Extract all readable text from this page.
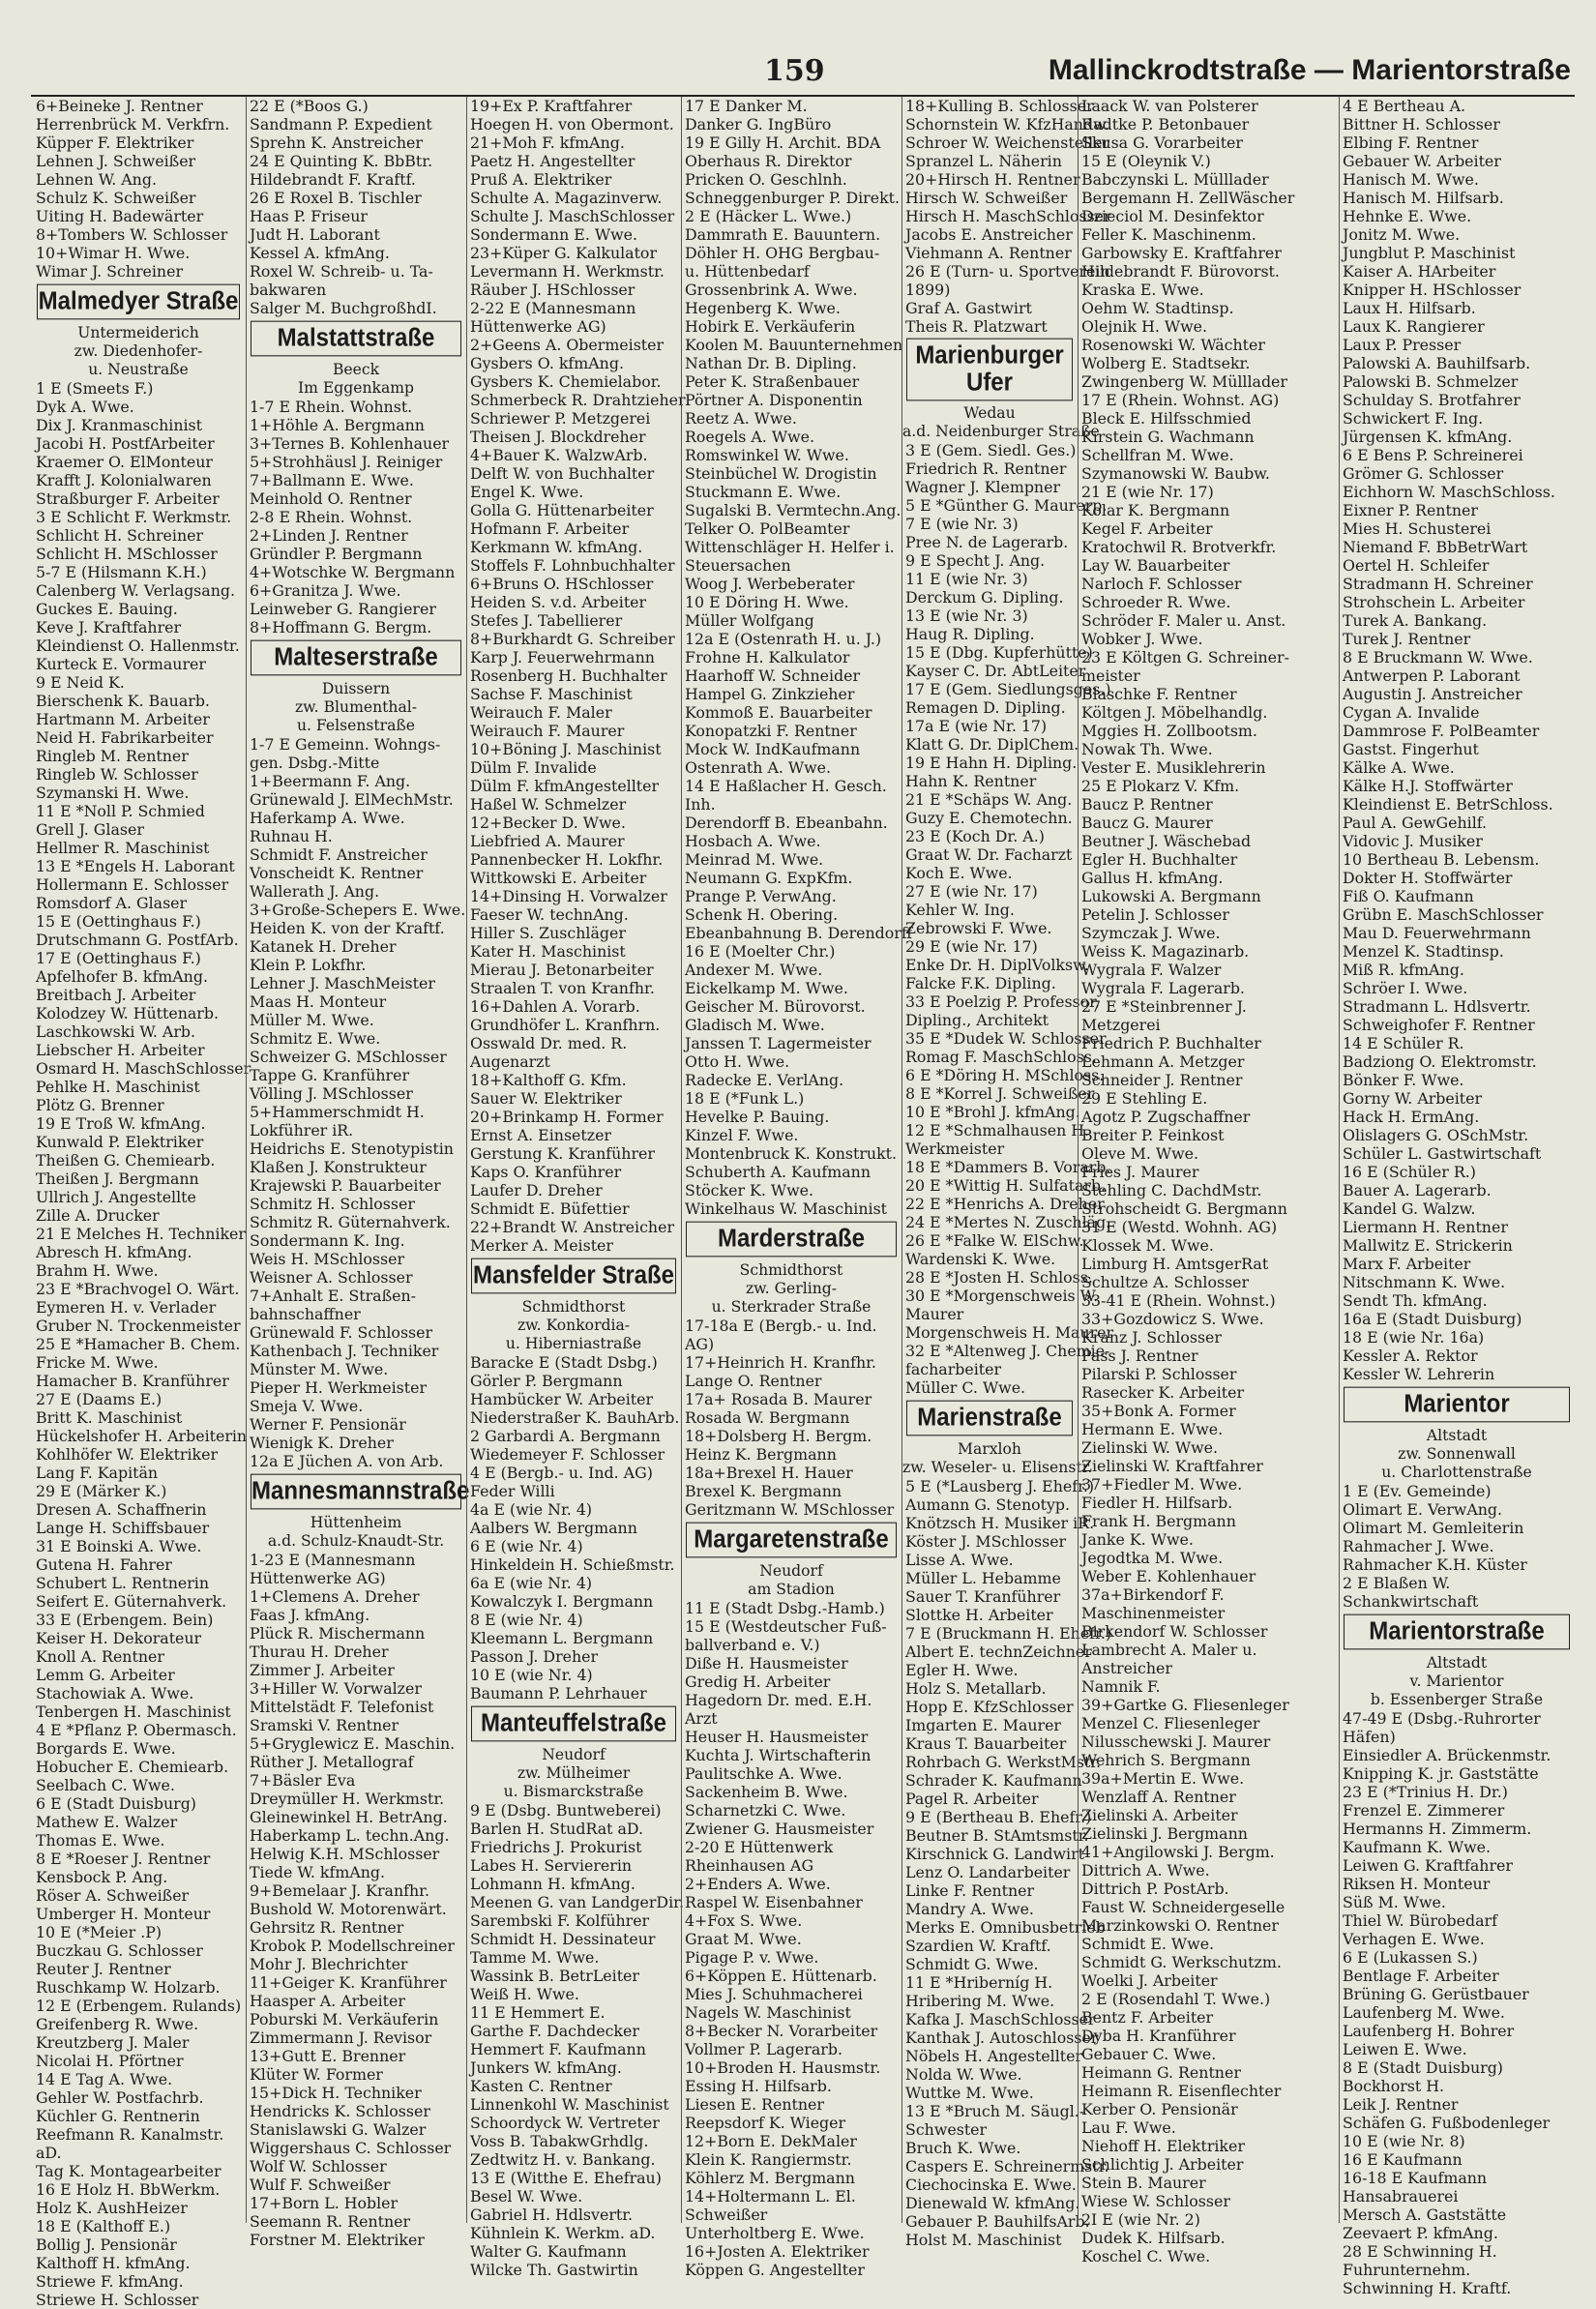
159	Mallinckrodtstraße — Marientorstraße
6+Beineke J. Rentner
Herrenbrück M. Verkfrn.
Küpper F. Elektriker
Lehnen J. Schweißer
Lehnen W. Ang.
Schulz K. Schweißer
Uiting H. Badewärter
8+Tombers W. Schlosser
10+Wimar H. Wwe.
Wimar J. Schreiner
Malmedyer Straße
Untermeiderich
zw. Diedenhofer-
u. Neustraße
1 E (Smeets F.)
Dyk A. Wwe.
Dix J. Kranmaschinist
Jacobi H. PostfArbeiter
Kraemer O. ElMonteur
Krafft J. Kolonialwaren
Straßburger F. Arbeiter
3 E Schlicht F. Werkmstr.
Schlicht H. Schreiner
Schlicht H. MSchlosser
5-7 E (Hilsmann K.H.)
Calenberg W. Verlagsang.
Guckes E. Bauing.
Keve J. Kraftfahrer
Kleindienst O. Hallenmstr.
Kurteck E. Vormaurer
9 E Neid K.
Bierschenk K. Bauarb.
Hartmann M. Arbeiter
Neid H. Fabrikarbeiter
Ringleb M. Rentner
Ringleb W. Schlosser
Szymanski H. Wwe.
11 E *Noll P. Schmied
Grell J. Glaser
Hellmer R. Maschinist
13 E *Engels H. Laborant
Hollermann E. Schlosser
Romsdorf A. Glaser
15 E (Oettinghaus F.)
Drutschmann G. PostfArb.
17 E (Oettinghaus F.)
Apfelhofer B. kfmAng.
Breitbach J. Arbeiter
Kolodzey W. Hüttenarb.
Laschkowski W. Arb.
Liebscher H. Arbeiter
Osmard H. MaschSchlosser
Pehlke H. Maschinist
Plötz G. Brenner
19 E Troß W. kfmAng.
Kunwald P. Elektriker
Theißen G. Chemiearb.
Theißen J. Bergmann
Ullrich J. Angestellte
Zille A. Drucker
21 E Melches H. Techniker
Abresch H. kfmAng.
Brahm H. Wwe.
23 E *Brachvogel O. Wärt.
Eymeren H. v. Verlader
Gruber N. Trockenmeister
25 E *Hamacher B. Chem.
Fricke M. Wwe.
Hamacher B. Kranführer
27 E (Daams E.)
Britt K. Maschinist
Hückelshofer H. Arbeiterin
Kohlhöfer W. Elektriker
Lang F. Kapitän
29 E (Märker K.)
Dresen A. Schaffnerin
Lange H. Schiffsbauer
31 E Boinski A. Wwe.
Gutena H. Fahrer
Schubert L. Rentnerin
Seifert E. Güternahverk.
33 E (Erbengem. Bein)
Keiser H. Dekorateur
Knoll A. Rentner
Lemm G. Arbeiter
Stachowiak A. Wwe.
Tenbergen H. Maschinist
4 E *Pflanz P. Obermasch.
Borgards E. Wwe.
Hobucher E. Chemiearb.
Seelbach C. Wwe.
6 E (Stadt Duisburg)
Mathew E. Walzer
Thomas E. Wwe.
8 E *Roeser J. Rentner
Kensbock P. Ang.
Röser A. Schweißer
Umberger H. Monteur
10 E (*Meier .P)
Buczkau G. Schlosser
Reuter J. Rentner
Ruschkamp W. Holzarb.
12 E (Erbengem. Rulands)
Greifenberg R. Wwe.
Kreutzberg J. Maler
Nicolai H. Pförtner
14 E Tag A. Wwe.
Gehler W. Postfachrb.
Küchler G. Rentnerin
Reefmann R. Kanalmstr.
aD.
Tag K. Montagearbeiter
16 E Holz H. BbWerkm.
Holz K. AushHeizer
18 E (Kalthoff E.)
Bollig J. Pensionär
Kalthoff H. kfmAng.
Striewe F. kfmAng.
Striewe H. Schlosser
22 E (*Boos G.)
Sandmann P. Expedient
Sprehn K. Anstreicher
24 E Quinting K. BbBtr.
Hildebrandt F. Kraftf.
26 E Roxel B. Tischler
Haas P. Friseur
Judt H. Laborant
Kessel A. kfmAng.
Roxel W. Schreib- u. Ta-
bakwaren
Salger M. BuchgroßhdI.
Malstattstraße
Beeck
Im Eggenkamp
1-7 E Rhein. Wohnst.
1+Höhle A. Bergmann
3+Ternes B. Kohlenhauer
5+Strohhäusl J. Reiniger
7+Ballmann E. Wwe.
Meinhold O. Rentner
2-8 E Rhein. Wohnst.
2+Linden J. Rentner
Gründler P. Bergmann
4+Wotschke W. Bergmann
6+Granitza J. Wwe.
Leinweber G. Rangierer
8+Hoffmann G. Bergm.
Malteserstraße
Duissern
zw. Blumenthal-
u. Felsenstraße
1-7 E Gemeinn. Wohngs-
gen. Dsbg.-Mitte
1+Beermann F. Ang.
Grünewald J. ElMechMstr.
Haferkamp A. Wwe.
Ruhnau H.
Schmidt F. Anstreicher
Vonscheidt K. Rentner
Wallerath J. Ang.
3+Große-Schepers E. Wwe.
Heiden K. von der Kraftf.
Katanek H. Dreher
Klein P. Lokfhr.
Lehner J. MaschMeister
Maas H. Monteur
Müller M. Wwe.
Schmitz E. Wwe.
Schweizer G. MSchlosser
Tappe G. Kranführer
Völling J. MSchlosser
5+Hammerschmidt H.
Lokführer iR.
Heidrichs E. Stenotypistin
Klaßen J. Konstrukteur
Krajewski P. Bauarbeiter
Schmitz H. Schlosser
Schmitz R. Güternahverk.
Sondermann K. Ing.
Weis H. MSchlosser
Weisner A. Schlosser
7+Anhalt E. Straßen-
bahnschaffner
Grünewald F. Schlosser
Kathenbach J. Techniker
Münster M. Wwe.
Pieper H. Werkmeister
Smeja V. Wwe.
Werner F. Pensionär
Wienigk K. Dreher
12a E Jüchen A. von Arb.
Mannesmannstraße
Hüttenheim
a.d. Schulz-Knaudt-Str.
1-23 E (Mannesmann
Hüttenwerke AG)
1+Clemens A. Dreher
Faas J. kfmAng.
Plück R. Mischermann
Thurau H. Dreher
Zimmer J. Arbeiter
3+Hiller W. Vorwalzer
Mittelstädt F. Telefonist
Sramski V. Rentner
5+Gryglewicz E. Maschin.
Rüther J. Metallograf
7+Bäsler Eva
Dreymüller H. Werkmstr.
Gleinewinkel H. BetrAng.
Haberkamp L. techn.Ang.
Helwig K.H. MSchlosser
Tiede W. kfmAng.
9+Bemelaar J. Kranfhr.
Bushold W. Motorenwärt.
Gehrsitz R. Rentner
Krobok P. Modellschreiner
Mohr J. Blechrichter
11+Geiger K. Kranführer
Haasper A. Arbeiter
Poburski M. Verkäuferin
Zimmermann J. Revisor
13+Gutt E. Brenner
Klüter W. Former
15+Dick H. Techniker
Hendricks K. Schlosser
Stanislawski G. Walzer
Wiggershaus C. Schlosser
Wolf W. Schlosser
Wulf F. Schweißer
17+Born L. Hobler
Seemann R. Rentner
Forstner M. Elektriker
19+Ex P. Kraftfahrer
Hoegen H. von Obermont.
21+Moh F. kfmAng.
Paetz H. Angestellter
Pruß A. Elektriker
Schulte A. Magazinverw.
Schulte J. MaschSchlosser
Sondermann E. Wwe.
23+Küper G. Kalkulator
Levermann H. Werkmstr.
Räuber J. HSchlosser
2-22 E (Mannesmann
Hüttenwerke AG)
2+Geens A. Obermeister
Gysbers O. kfmAng.
Gysbers K. Chemielabor.
Schmerbeck R. Drahtzieher
Schriewer P. Metzgerei
Theisen J. Blockdreher
4+Bauer K. WalzwArb.
Delft W. von Buchhalter
Engel K. Wwe.
Golla G. Hüttenarbeiter
Hofmann F. Arbeiter
Kerkmann W. kfmAng.
Stoffels F. Lohnbuchhalter
6+Bruns O. HSchlosser
Heiden S. v.d. Arbeiter
Stefes J. Tabellierer
8+Burkhardt G. Schreiber
Karp J. Feuerwehrmann
Rosenberg H. Buchhalter
Sachse F. Maschinist
Weirauch F. Maler
Weirauch F. Maurer
10+Böning J. Maschinist
Dülm F. Invalide
Dülm F. kfmAngestellter
Haßel W. Schmelzer
12+Becker D. Wwe.
Liebfried A. Maurer
Pannenbecker H. Lokfhr.
Wittkowski E. Arbeiter
14+Dinsing H. Vorwalzer
Faeser W. technAng.
Hiller S. Zuschläger
Kater H. Maschinist
Mierau J. Betonarbeiter
Straalen T. von Kranfhr.
16+Dahlen A. Vorarb.
Grundhöfer L. Kranfhrn.
Osswald Dr. med. R.
Augenarzt
18+Kalthoff G. Kfm.
Sauer W. Elektriker
20+Brinkamp H. Former
Ernst A. Einsetzer
Gerstung K. Kranführer
Kaps O. Kranführer
Laufer D. Dreher
Schmidt E. Büfettier
22+Brandt W. Anstreicher
Merker A. Meister
Mansfelder Straße
Schmidthorst
zw. Konkordia-
u. Hiberniastraße
Baracke E (Stadt Dsbg.)
Görler P. Bergmann
Hambücker W. Arbeiter
Niederstraßer K. BauhArb.
2 Garbardi A. Bergmann
Wiedemeyer F. Schlosser
4 E (Bergb.- u. Ind. AG)
Feder Willi
4a E (wie Nr. 4)
Aalbers W. Bergmann
6 E (wie Nr. 4)
Hinkeldein H. Schießmstr.
6a E (wie Nr. 4)
Kowalczyk I. Bergmann
8 E (wie Nr. 4)
Kleemann L. Bergmann
Passon J. Dreher
10 E (wie Nr. 4)
Baumann P. Lehrhauer
Manteuffelstraße
Neudorf
zw. Mülheimer
u. Bismarckstraße
9 E (Dsbg. Buntweberei)
Barlen H. StudRat aD.
Friedrichs J. Prokurist
Labes H. Serviererin
Lohmann H. kfmAng.
Meenen G. van LandgerDir.
Sarembski F. Kolführer
Schmidt H. Dessinateur
Tamme M. Wwe.
Wassink B. BetrLeiter
Weiß H. Wwe.
11 E Hemmert E.
Garthe F. Dachdecker
Hemmert F. Kaufmann
Junkers W. kfmAng.
Kasten C. Rentner
Linnenkohl W. Maschinist
Schoordyck W. Vertreter
Voss B. TabakwGrhdlg.
Zedtwitz H. v. Bankang.
13 E (Witthe E. Ehefrau)
Besel W. Wwe.
Gabriel H. Hdlsvertr.
Kühnlein K. Werkm. aD.
Walter G. Kaufmann
Wilcke Th. Gastwirtin
17 E Danker M.
Danker G. IngBüro
19 E Gilly H. Archit. BDA
Oberhaus R. Direktor
Pricken O. Geschlnh.
Schneggenburger P. Direkt.
2 E (Häcker L. Wwe.)
Dammrath E. Bauuntern.
Döhler H. OHG Bergbau-
u. Hüttenbedarf
Grossenbrink A. Wwe.
Hegenberg K. Wwe.
Hobirk E. Verkäuferin
Koolen M. Bauunternehmen
Nathan Dr. B. Dipling.
Peter K. Straßenbauer
Pörtner A. Disponentin
Reetz A. Wwe.
Roegels A. Wwe.
Romswinkel W. Wwe.
Steinbüchel W. Drogistin
Stuckmann E. Wwe.
Sugalski B. Vermtechn.Ang.
Telker O. PolBeamter
Wittenschläger H. Helfer i.
Steuersachen
Woog J. Werbeberater
10 E Döring H. Wwe.
Müller Wolfgang
12a E (Ostenrath H. u. J.)
Frohne H. Kalkulator
Haarhoff W. Schneider
Hampel G. Zinkzieher
Kommoß E. Bauarbeiter
Konopatzki F. Rentner
Mock W. IndKaufmann
Ostenrath A. Wwe.
14 E Haßlacher H. Gesch.
Inh.
Derendorff B. Ebeanbahn.
Hosbach A. Wwe.
Meinrad M. Wwe.
Neumann G. ExpKfm.
Prange P. VerwAng.
Schenk H. Obering.
Ebeanbahnung B. Derendorff
16 E (Moelter Chr.)
Andexer M. Wwe.
Eickelkamp M. Wwe.
Geischer M. Bürovorst.
Gladisch M. Wwe.
Janssen T. Lagermeister
Otto H. Wwe.
Radecke E. VerlAng.
18 E (*Funk L.)
Hevelke P. Bauing.
Kinzel F. Wwe.
Montenbruck K. Konstrukt.
Schuberth A. Kaufmann
Stöcker K. Wwe.
Winkelhaus W. Maschinist
Marderstraße
Schmidthorst
zw. Gerling-
u. Sterkrader Straße
17-18a E (Bergb.- u. Ind.
AG)
17+Heinrich H. Kranfhr.
Lange O. Rentner
17a+ Rosada B. Maurer
Rosada W. Bergmann
18+Dolsberg H. Bergm.
Heinz K. Bergmann
18a+Brexel H. Hauer
Brexel K. Bergmann
Geritzmann W. MSchlosser
Margaretenstraße
Neudorf
am Stadion
11 E (Stadt Dsbg.-Hamb.)
15 E (Westdeutscher Fuß-
ballverband e. V.)
Diße H. Hausmeister
Gredig H. Arbeiter
Hagedorn Dr. med. E.H.
Arzt
Heuser H. Hausmeister
Kuchta J. Wirtschafterin
Paulitschke A. Wwe.
Sackenheim B. Wwe.
Scharnetzki C. Wwe.
Zwiener G. Hausmeister
2-20 E Hüttenwerk
Rheinhausen AG
2+Enders A. Wwe.
Raspel W. Eisenbahner
4+Fox S. Wwe.
Graat M. Wwe.
Pigage P. v. Wwe.
6+Köppen E. Hüttenarb.
Mies J. Schuhmacherei
Nagels W. Maschinist
8+Becker N. Vorarbeiter
Vollmer P. Lagerarb.
10+Broden H. Hausmstr.
Essing H. Hilfsarb.
Liesen E. Rentner
Reepsdorf K. Wieger
12+Born E. DekMaler
Klein K. Rangiermstr.
Köhlerz M. Bergmann
14+Holtermann L. El.
Schweißer
Unterholtberg E. Wwe.
16+Josten A. Elektriker
Köppen G. Angestellter
18+Kulling B. Schlosser
Schornstein W. KfzHandw.
Schroer W. Weichensteller
Spranzel L. Näherin
20+Hirsch H. Rentner
Hirsch W. Schweißer
Hirsch H. MaschSchlosser
Jacobs E. Anstreicher
Viehmann A. Rentner
26 E (Turn- u. Sportverein
1899)
Graf A. Gastwirt
Theis R. Platzwart
Marienburger Ufer
Wedau
a.d. Neidenburger Straße
3 E (Gem. Siedl. Ges.)
Friedrich R. Rentner
Wagner J. Klempner
5 E *Günther G. Maurerp.
7 E (wie Nr. 3)
Pree N. de Lagerarb.
9 E Specht J. Ang.
11 E (wie Nr. 3)
Derckum G. Dipling.
13 E (wie Nr. 3)
Haug R. Dipling.
15 E (Dbg. Kupferhütte)
Kayser C. Dr. AbtLeiter
17 E (Gem. Siedlungsges.)
Remagen D. Dipling.
17a E (wie Nr. 17)
Klatt G. Dr. DiplChem.
19 E Hahn H. Dipling.
Hahn K. Rentner
21 E *Schäps W. Ang.
Guzy E. Chemotechn.
23 E (Koch Dr. A.)
Graat W. Dr. Facharzt
Koch E. Wwe.
27 E (wie Nr. 17)
Kehler W. Ing.
Zebrowski F. Wwe.
29 E (wie Nr. 17)
Enke Dr. H. DiplVolksw.
Falcke F.K. Dipling.
33 E Poelzig P. Professor,
Dipling., Architekt
35 E *Dudek W. Schlosser
Romag F. MaschSchloss.
6 E *Döring H. MSchloss.
8 E *Korrel J. Schweißer
10 E *Brohl J. kfmAng.
12 E *Schmalhausen H.
Werkmeister
18 E *Dammers B. Vorarb.
20 E *Wittig H. Sulfatarb.
22 E *Henrichs A. Dreher
24 E *Mertes N. Zuschläg.
26 E *Falke W. ElSchw.
Wardenski K. Wwe.
28 E *Josten H. Schloss.
30 E *Morgenschweis W.
Maurer
Morgenschweis H. Maurer
32 E *Altenweg J. Chemie-
facharbeiter
Müller C. Wwe.
Marienstraße
Marxloh
zw. Weseler- u. Elisenstr.
5 E (*Lausberg J. Ehefr.)
Aumann G. Stenotyp.
Knötzsch H. Musiker iR.
Köster J. MSchlosser
Lisse A. Wwe.
Müller L. Hebamme
Sauer T. Kranführer
Slottke H. Arbeiter
7 E (Bruckmann H. Ehefr.)
Albert E. technZeichner
Egler H. Wwe.
Holz S. Metallarb.
Hopp E. KfzSchlosser
Imgarten E. Maurer
Kraus T. Bauarbeiter
Rohrbach G. WerkstMstr.
Schrader K. Kaufmann
Pagel R. Arbeiter
9 E (Bertheau B. Ehefr.)
Beutner B. StAmtsmstr.
Kirschnick G. Landwirt
Lenz O. Landarbeiter
Linke F. Rentner
Mandry A. Wwe.
Merks E. Omnibusbetrieb
Szardien W. Kraftf.
Schmidt G. Wwe.
11 E *Hriberníg H.
Hribering M. Wwe.
Kafka J. MaschSchlosser
Kanthak J. Autoschlosser
Nöbels H. Angestellter
Nolda W. Wwe.
Wuttke M. Wwe.
13 E *Bruch M. Säugl.-
Schwester
Bruch K. Wwe.
Caspers E. Schreinermstr.
Ciechocinska E. Wwe.
Dienewald W. kfmAng.
Gebauer P. BauhilfsArb.
Holst M. Maschinist
Laack W. van Polsterer
Radtke P. Betonbauer
Skusa G. Vorarbeiter
15 E (Oleynik V.)
Babczynski L. Mülllader
Bergemann H. ZellWäscher
Dzieciol M. Desinfektor
Feller K. Maschinenm.
Garbowsky E. Kraftfahrer
Hildebrandt F. Bürovorst.
Kraska E. Wwe.
Oehm W. Stadtinsp.
Olejnik H. Wwe.
Rosenowski W. Wächter
Wolberg E. Stadtsekr.
Zwingenberg W. Mülllader
17 E (Rhein. Wohnst. AG)
Bleck E. Hilfsschmied
Kirstein G. Wachmann
Schellfran M. Wwe.
Szymanowski W. Baubw.
21 E (wie Nr. 17)
Kolar K. Bergmann
Kegel F. Arbeiter
Kratochwil R. Brotverkfr.
Lay W. Bauarbeiter
Narloch F. Schlosser
Schroeder R. Wwe.
Schröder F. Maler u. Anst.
Wobker J. Wwe.
23 E Költgen G. Schreiner-
meister
Blaschke F. Rentner
Költgen J. Möbelhandlg.
Mggies H. Zollbootsm.
Nowak Th. Wwe.
Vester E. Musiklehrerin
25 E Plokarz V. Kfm.
Baucz P. Rentner
Baucz G. Maurer
Beutner J. Wäschebad
Egler H. Buchhalter
Gallus H. kfmAng.
Lukowski A. Bergmann
Petelin J. Schlosser
Szymczak J. Wwe.
Weiss K. Magazinarb.
Wygrala F. Walzer
Wygrala F. Lagerarb.
27 E *Steinbrenner J.
Metzgerei
Friedrich P. Buchhalter
Lehmann A. Metzger
Schneider J. Rentner
29 E Stehling E.
Agotz P. Zugschaffner
Breiter P. Feinkost
Oleve M. Wwe.
Fries J. Maurer
Stehling C. DachdMstr.
Strohscheidt G. Bergmann
31 E (Westd. Wohnh. AG)
Klossek M. Wwe.
Limburg H. AmtsgerRat
Schultze A. Schlosser
33-41 E (Rhein. Wohnst.)
33+Gozdowicz S. Wwe.
Kranz J. Schlosser
Pass J. Rentner
Pilarski P. Schlosser
Rasecker K. Arbeiter
35+Bonk A. Former
Hermann E. Wwe.
Zielinski W. Wwe.
Zielinski W. Kraftfahrer
37+Fiedler M. Wwe.
Fiedler H. Hilfsarb.
Frank H. Bergmann
Janke K. Wwe.
Jegodtka M. Wwe.
Weber E. Kohlenhauer
37a+Birkendorf F.
Maschinenmeister
Birkendorf W. Schlosser
Lambrecht A. Maler u.
Anstreicher
Namnik F.
39+Gartke G. Fliesenleger
Menzel C. Fliesenleger
Nilusschewski J. Maurer
Wehrich S. Bergmann
39a+Mertin E. Wwe.
Wenzlaff A. Rentner
Zielinski A. Arbeiter
Zielinski J. Bergmann
41+Angilowski J. Bergm.
Dittrich A. Wwe.
Dittrich P. PostArb.
Faust W. Schneidergeselle
Marzinkowski O. Rentner
Schmidt E. Wwe.
Schmidt G. Werkschutzm.
Woelki J. Arbeiter
2 E (Rosendahl T. Wwe.)
Bentz F. Arbeiter
Dyba H. Kranführer
Gebauer C. Wwe.
Heimann G. Rentner
Heimann R. Eisenflechter
Kerber O. Pensionär
Lau F. Wwe.
Niehoff H. Elektriker
Schlichtig J. Arbeiter
Stein B. Maurer
Wiese W. Schlosser
2I E (wie Nr. 2)
Dudek K. Hilfsarb.
Koschel C. Wwe.
4 E Bertheau A.
Bittner H. Schlosser
Elbing F. Rentner
Gebauer W. Arbeiter
Hanisch M. Wwe.
Hanisch M. Hilfsarb.
Hehnke E. Wwe.
Jonitz M. Wwe.
Jungblut P. Maschinist
Kaiser A. HArbeiter
Knipper H. HSchlosser
Laux H. Hilfsarb.
Laux K. Rangierer
Laux P. Presser
Palowski A. Bauhilfsarb.
Palowski B. Schmelzer
Schulday S. Brotfahrer
Schwickert F. Ing.
Jürgensen K. kfmAng.
6 E Bens P. Schreinerei
Grömer G. Schlosser
Eichhorn W. MaschSchloss.
Eixner P. Rentner
Mies H. Schusterei
Niemand F. BbBetrWart
Oertel H. Schleifer
Stradmann H. Schreiner
Strohschein L. Arbeiter
Turek A. Bankang.
Turek J. Rentner
8 E Bruckmann W. Wwe.
Antwerpen P. Laborant
Augustin J. Anstreicher
Cygan A. Invalide
Dammrose F. PolBeamter
Gastst. Fingerhut
Kälke A. Wwe.
Kälke H.J. Stoffwärter
Kleindienst E. BetrSchloss.
Paul A. GewGehilf.
Vidovic J. Musiker
10 Bertheau B. Lebensm.
Dokter H. Stoffwärter
Fiß O. Kaufmann
Grübn E. MaschSchlosser
Mau D. Feuerwehrmann
Menzel K. Stadtinsp.
Miß R. kfmAng.
Schröer I. Wwe.
Stradmann L. Hdlsvertr.
Schweighofer F. Rentner
14 E Schüler R.
Badziong O. Elektromstr.
Bönker F. Wwe.
Gorny W. Arbeiter
Hack H. ErmAng.
Olislagers G. OSchMstr.
Schüler L. Gastwirtschaft
16 E (Schüler R.)
Bauer A. Lagerarb.
Kandel G. Walzw.
Liermann H. Rentner
Mallwitz E. Strickerin
Marx F. Arbeiter
Nitschmann K. Wwe.
Sendt Th. kfmAng.
16a E (Stadt Duisburg)
18 E (wie Nr. 16a)
Kessler A. Rektor
Kessler W. Lehrerin
Marientor
Altstadt
zw. Sonnenwall
u. Charlottenstraße
1 E (Ev. Gemeinde)
Olimart E. VerwAng.
Olimart M. Gemleiterin
Rahmacher J. Wwe.
Rahmacher K.H. Küster
2 E Blaßen W.
Schankwirtschaft
Marientorstraße
Altstadt
v. Marientor
b. Essenberger Straße
47-49 E (Dsbg.-Ruhrorter
Häfen)
Einsiedler A. Brückenmstr.
Knipping K. jr. Gaststätte
23 E (*Trinius H. Dr.)
Frenzel E. Zimmerer
Hermanns H. Zimmerm.
Kaufmann K. Wwe.
Leiwen G. Kraftfahrer
Riksen H. Monteur
Süß M. Wwe.
Thiel W. Bürobedarf
Verhagen E. Wwe.
6 E (Lukassen S.)
Bentlage F. Arbeiter
Brüning G. Gerüstbauer
Laufenberg M. Wwe.
Laufenberg H. Bohrer
Leiwen E. Wwe.
8 E (Stadt Duisburg)
Bockhorst H.
Leik J. Rentner
Schäfen G. Fußbodenleger
10 E (wie Nr. 8)
16 E Kaufmann
16-18 E Kaufmann
Hansabrauerei
Mersch A. Gaststätte
Zeevaert P. kfmAng.
28 E Schwinning H.
Fuhrunternehm.
Schwinning H. Kraftf.
